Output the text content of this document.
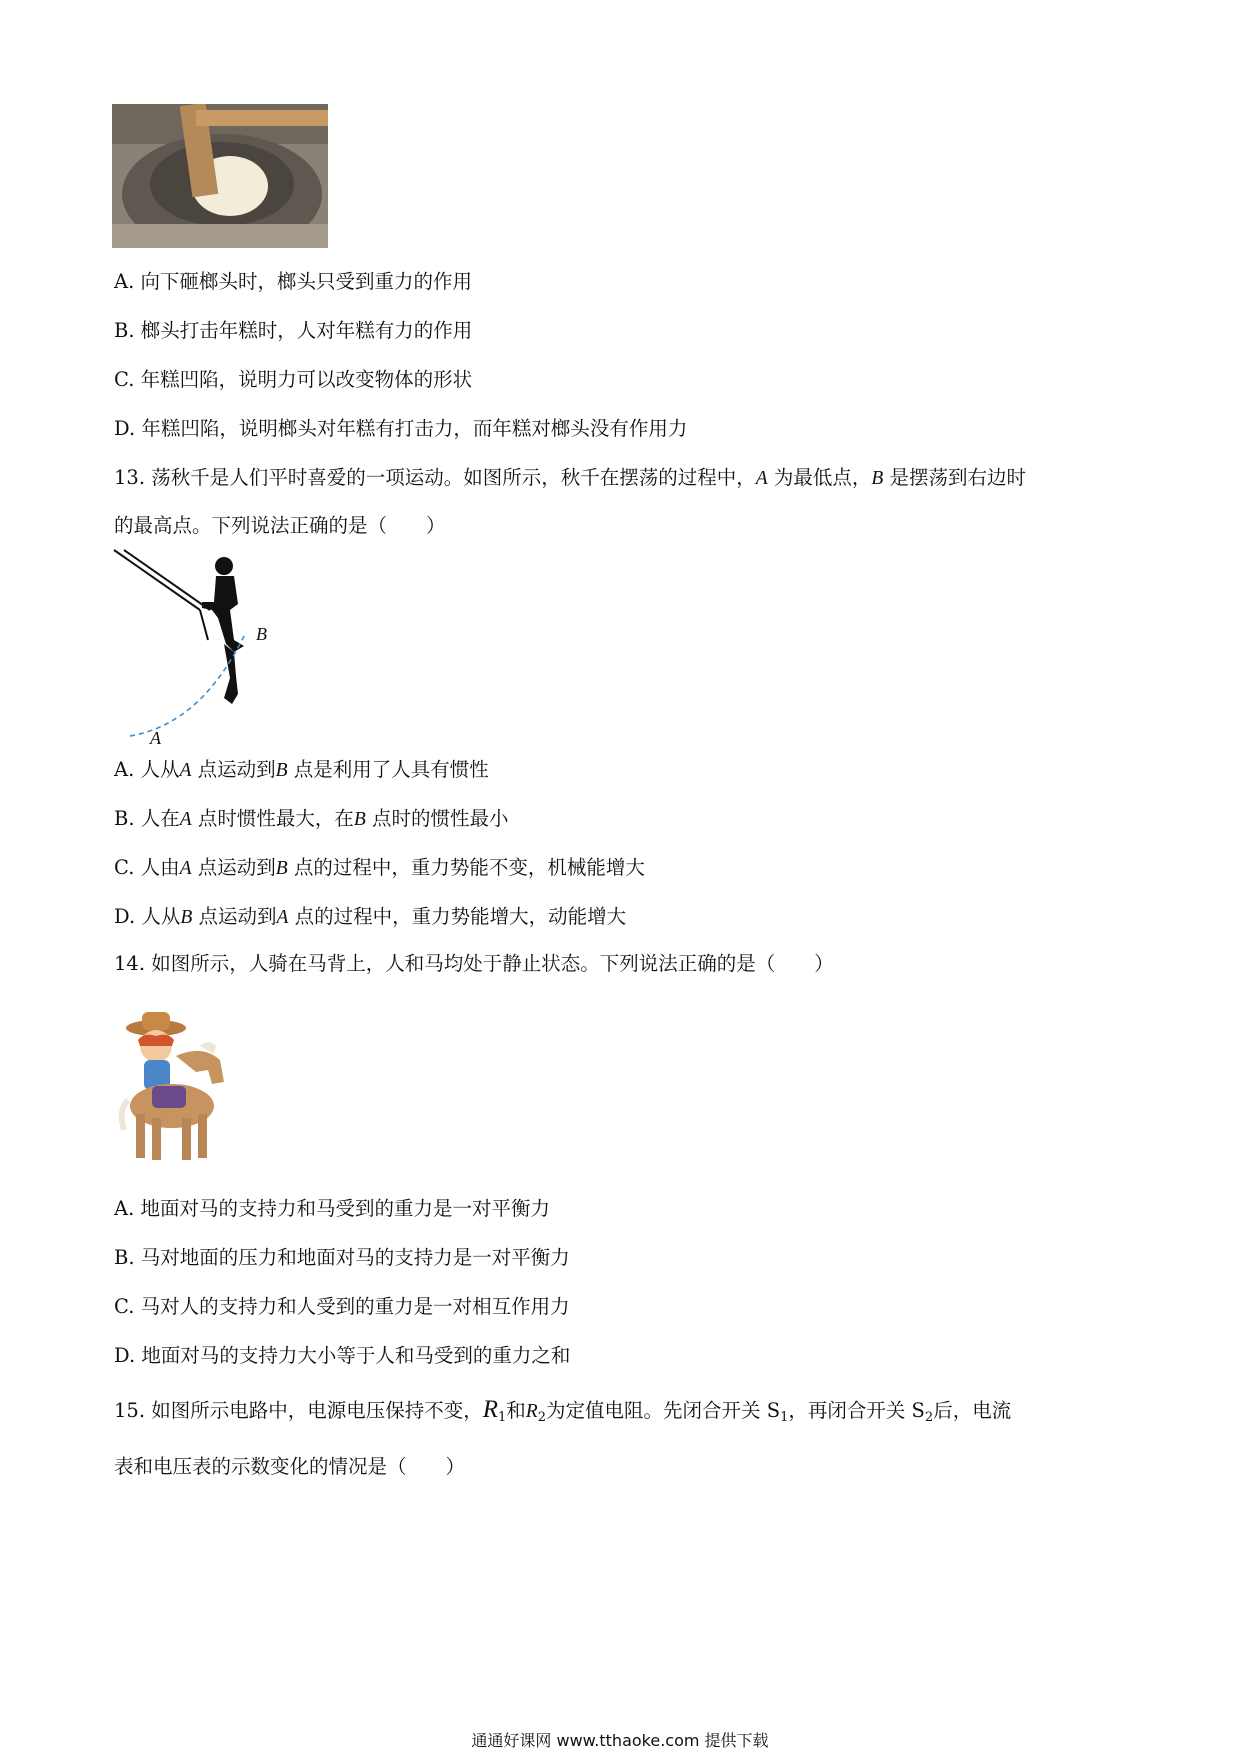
A. 向下砸榔头时，榔头只受到重力的作用
B. 榔头打击年糕时，人对年糕有力的作用
C. 年糕凹陷，说明力可以改变物体的形状
D. 年糕凹陷，说明榔头对年糕有打击力，而年糕对榔头没有作用力
13. 荡秋千是人们平时喜爱的一项运动。如图所示，秋千在摆荡的过程中，A 为最低点，B 是摆荡到右边时
的最高点。下列说法正确的是（　　）
B
A
A. 人从A 点运动到B 点是利用了人具有惯性
B. 人在A 点时惯性最大，在B 点时的惯性最小
C. 人由A 点运动到B 点的过程中，重力势能不变，机械能增大
D. 人从B 点运动到A 点的过程中，重力势能增大，动能增大
14. 如图所示，人骑在马背上，人和马均处于静止状态。下列说法正确的是（　　）
A. 地面对马的支持力和马受到的重力是一对平衡力
B. 马对地面的压力和地面对马的支持力是一对平衡力
C. 马对人的支持力和人受到的重力是一对相互作用力
D. 地面对马的支持力大小等于人和马受到的重力之和
15. 如图所示电路中，电源电压保持不变，$R_1$和$R_2$为定值电阻。先闭合开关 $S_1$，再闭合开关 $S_2$后，电流
表和电压表的示数变化的情况是（　　）
通通好课网 www.tthaoke.com 提供下载
